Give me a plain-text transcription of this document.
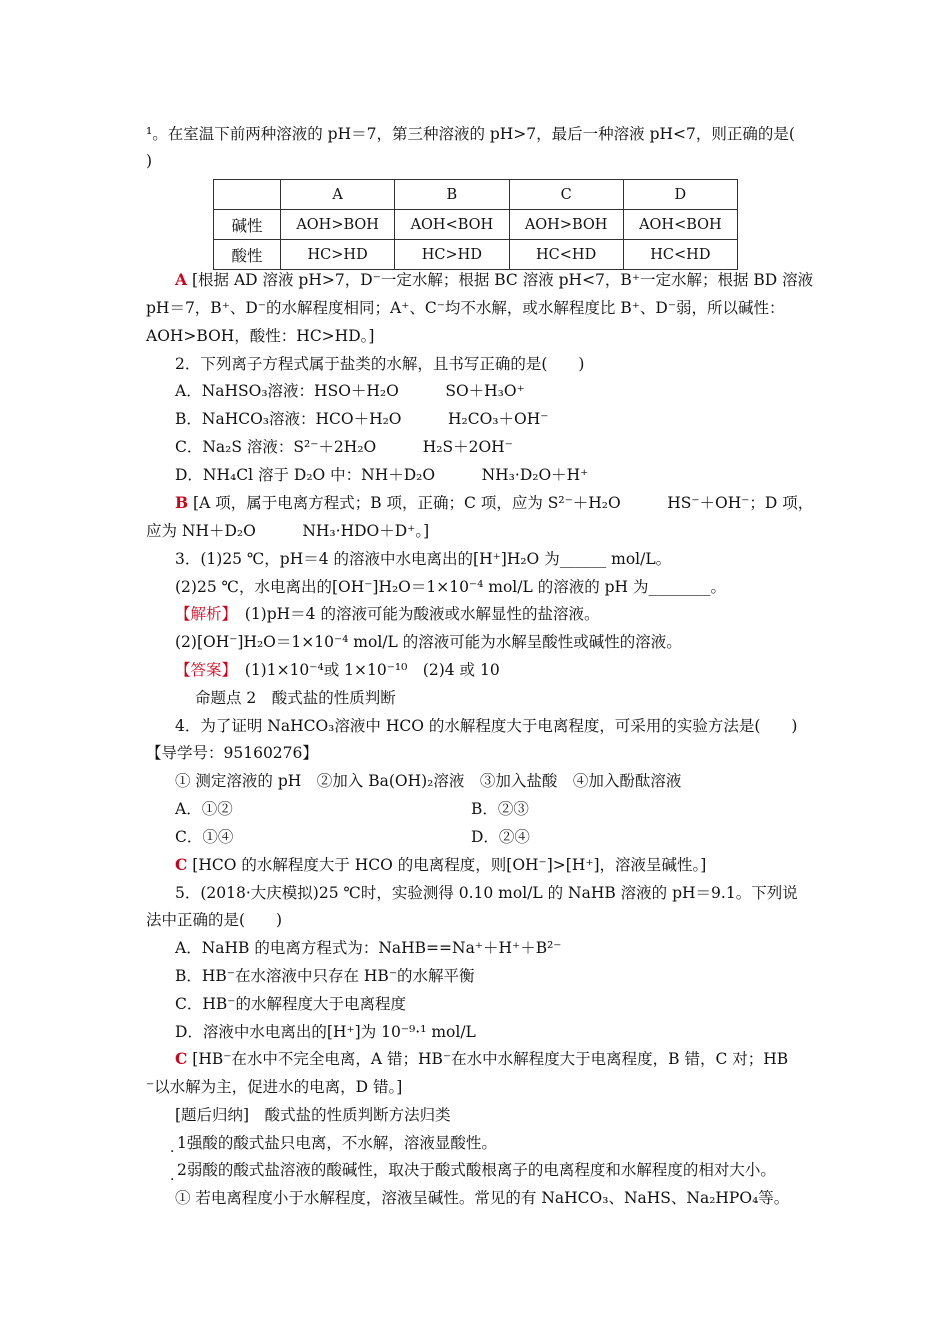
¹。在室温下前两种溶液的 pH＝7，第三种溶液的 pH>7，最后一种溶液 pH<7，则正确的是(
)
	A	B	C	D
碱性	AOH>BOH	AOH<BOH	AOH>BOH	AOH<BOH
酸性	HC>HD	HC>HD	HC<HD	HC<HD
A [根据 AD 溶液 pH>7，D⁻一定水解；根据 BC 溶液 pH<7，B⁺一定水解；根据 BD 溶液
pH＝7，B⁺、D⁻的水解程度相同；A⁺、C⁻均不水解，或水解程度比 B⁺、D⁻弱，所以碱性：
AOH>BOH，酸性：HC>HD。]
2．下列离子方程式属于盐类的水解，且书写正确的是(　　)
A．NaHSO₃溶液：HSO＋H₂O　　　SO＋H₃O⁺
B．NaHCO₃溶液：HCO＋H₂O　　　H₂CO₃＋OH⁻
C．Na₂S 溶液：S²⁻＋2H₂O　　　H₂S＋2OH⁻
D．NH₄Cl 溶于 D₂O 中：NH＋D₂O　　　NH₃·D₂O＋H⁺
B [A 项，属于电离方程式；B 项，正确；C 项，应为 S²⁻＋H₂O　　　HS⁻＋OH⁻；D 项，
应为 NH＋D₂O　　　NH₃·HDO＋D⁺。]
3．(1)25 ℃，pH＝4 的溶液中水电离出的[H⁺]H₂O 为______ mol/L。
(2)25 ℃，水电离出的[OH⁻]H₂O＝1×10⁻⁴ mol/L 的溶液的 pH 为________。
【解析】　(1)pH＝4 的溶液可能为酸液或水解显性的盐溶液。
(2)[OH⁻]H₂O＝1×10⁻⁴ mol/L 的溶液可能为水解呈酸性或碱性的溶液。
【答案】　(1)1×10⁻⁴或 1×10⁻¹⁰　(2)4 或 10
命题点 2　酸式盐的性质判断
4．为了证明 NaHCO₃溶液中 HCO 的水解程度大于电离程度，可采用的实验方法是(　　)
【导学号：95160276】
① 测定溶液的 pH　②加入 Ba(OH)₂溶液　③加入盐酸　④加入酚酞溶液
A．①②	B．②③
C．①④	D．②④
C [HCO 的水解程度大于 HCO 的电离程度，则[OH⁻]>[H⁺]，溶液呈碱性。]
5．(2018·大庆模拟)25 ℃时，实验测得 0.10 mol/L 的 NaHB 溶液的 pH＝9.1。下列说
法中正确的是(　　)
A．NaHB 的电离方程式为：NaHB==Na⁺＋H⁺＋B²⁻
B．HB⁻在水溶液中只存在 HB⁻的水解平衡
C．HB⁻的水解程度大于电离程度
D．溶液中水电离出的[H⁺]为 10⁻⁹·¹ mol/L
C [HB⁻在水中不完全电离，A 错；HB⁻在水中水解程度大于电离程度，B 错，C 对；HB
⁻以水解为主，促进水的电离，D 错。]
[题后归纳]　酸式盐的性质判断方法归类
. 1强酸的酸式盐只电离，不水解，溶液显酸性。
. 2弱酸的酸式盐溶液的酸碱性，取决于酸式酸根离子的电离程度和水解程度的相对大小。
① 若电离程度小于水解程度，溶液呈碱性。常见的有 NaHCO₃、NaHS、Na₂HPO₄等。
